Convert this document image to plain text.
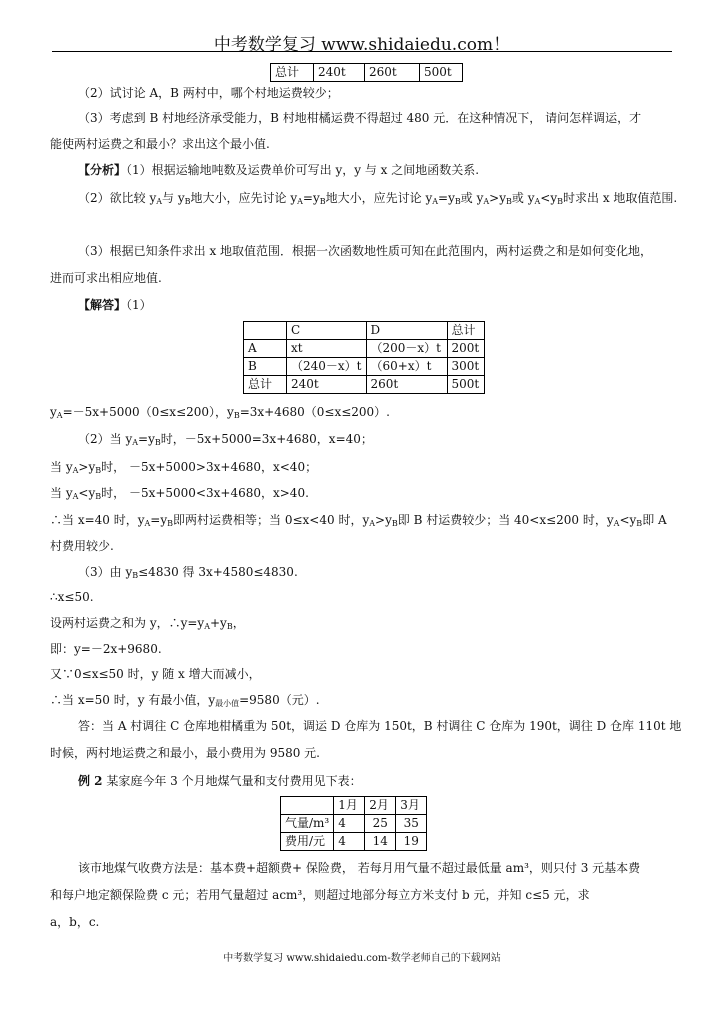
中考数学复习 www.shidaiedu.com！
总计	240t	260t	500t
（2）试讨论 A，B 两村中，哪个村地运费较少；
（3）考虑到 B 村地经济承受能力，B 村地柑橘运费不得超过 480 元．在这种情况下， 请问怎样调运，才
能使两村运费之和最小？求出这个最小值.
【分析】（1）根据运输地吨数及运费单价可写出 y，y 与 x 之间地函数关系.
（2）欲比较 $y_A$与 $y_B$地大小，应先讨论 $y_A=y_B$地大小，应先讨论 $y_A=y_B$或 $y_A>y_B$或 $y_A<y_B$时求出 x 地取值范围.
（3）根据已知条件求出 x 地取值范围．根据一次函数地性质可知在此范围内，两村运费之和是如何变化地，
进而可求出相应地值.
【解答】（1）
	C	D	总计
A	xt	（200－x）t	200t
B	（240－x）t	（60+x）t	300t
总计	240t	260t	500t
$y_A=-5x+5000(0\le x\le 200)$，$y_B=3x+4680(0\le x\le 200)$.
（2）当 $y_A=y_B$时，－5x+5000=3x+4680，x=40；
当 $y_A>y_B$时， －5x+5000>3x+4680，x<40；
当 $y_A<y_B$时， －5x+5000<3x+4680，x>40.
∴当 x=40 时，$y_A=y_B$即两村运费相等；当 0≤x<40 时，$y_A>y_B$即 B 村运费较少；当 40<x≤200 时，$y_A<y_B$即 A
村费用较少.
（3）由 $y_B\le 4830$ 得 3x+4580≤4830.
∴x≤50.
设两村运费之和为 y，$\therefore y=y_A+y_B$，
即：y=－2x+9680.
又∵0≤x≤50 时，y 随 x 增大而减小，
∴当 x=50 时，y 有最小值，$y_{最小值}=9580$（元）.
答：当 A 村调往 C 仓库地柑橘重为 50t，调运 D 仓库为 150t，B 村调往 C 仓库为 190t，调往 D 仓库 110t 地
时候，两村地运费之和最小，最小费用为 9580 元.
例 2 某家庭今年 3 个月地煤气量和支付费用见下表：
	1月	2月	3月
气量/m³	4	25	35
费用/元	4	14	19
该市地煤气收费方法是：基本费+超额费+ 保险费， 若每月用气量不超过最低量 am³，则只付 3 元基本费
和每户地定额保险费 c 元；若用气量超过 acm³，则超过地部分每立方米支付 b 元，并知 c≤5 元，求
a，b，c.
中考数学复习 www.shidaiedu.com-数学老师自己的下载网站
